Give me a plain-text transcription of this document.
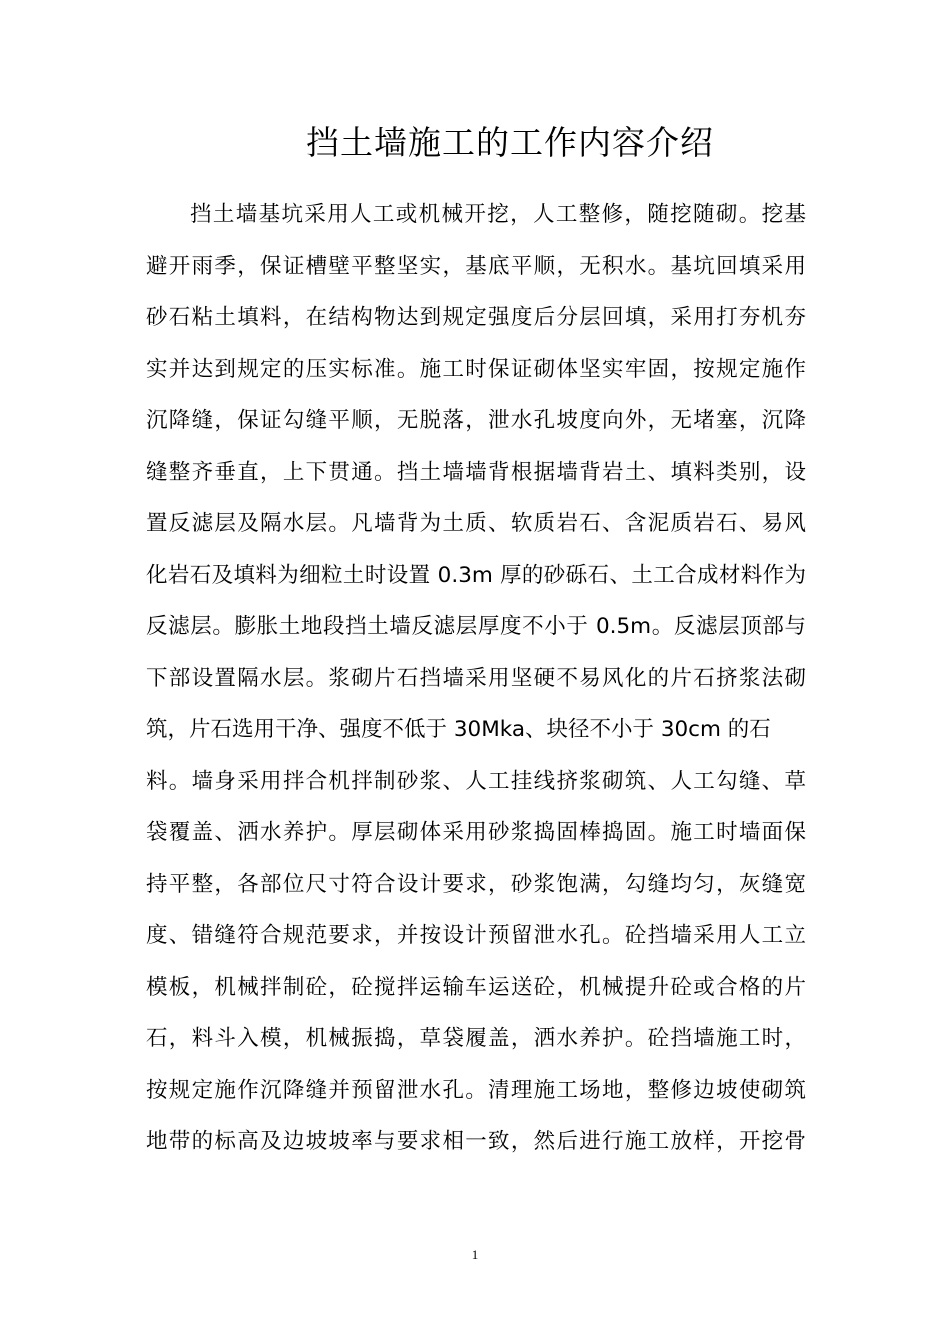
挡土墙施工的工作内容介绍
挡土墙基坑采用人工或机械开挖，人工整修，随挖随砌。挖基
避开雨季，保证槽壁平整坚实，基底平顺，无积水。基坑回填采用
砂石粘土填料，在结构物达到规定强度后分层回填，采用打夯机夯
实并达到规定的压实标准。施工时保证砌体坚实牢固，按规定施作
沉降缝，保证勾缝平顺，无脱落，泄水孔坡度向外，无堵塞，沉降
缝整齐垂直，上下贯通。挡土墙墙背根据墙背岩土、填料类别，设
置反滤层及隔水层。凡墙背为土质、软质岩石、含泥质岩石、易风
化岩石及填料为细粒土时设置 0.3m 厚的砂砾石、土工合成材料作为
反滤层。膨胀土地段挡土墙反滤层厚度不小于 0.5m。反滤层顶部与
下部设置隔水层。浆砌片石挡墙采用坚硬不易风化的片石挤浆法砌
筑，片石选用干净、强度不低于 30Mka、块径不小于 30cm 的石
料。墙身采用拌合机拌制砂浆、人工挂线挤浆砌筑、人工勾缝、草
袋覆盖、洒水养护。厚层砌体采用砂浆捣固棒捣固。施工时墙面保
持平整，各部位尺寸符合设计要求，砂浆饱满，勾缝均匀，灰缝宽
度、错缝符合规范要求，并按设计预留泄水孔。砼挡墙采用人工立
模板，机械拌制砼，砼搅拌运输车运送砼，机械提升砼或合格的片
石，料斗入模，机械振捣，草袋履盖，洒水养护。砼挡墙施工时，
按规定施作沉降缝并预留泄水孔。清理施工场地，整修边坡使砌筑
地带的标高及边坡坡率与要求相一致，然后进行施工放样，开挖骨
1
